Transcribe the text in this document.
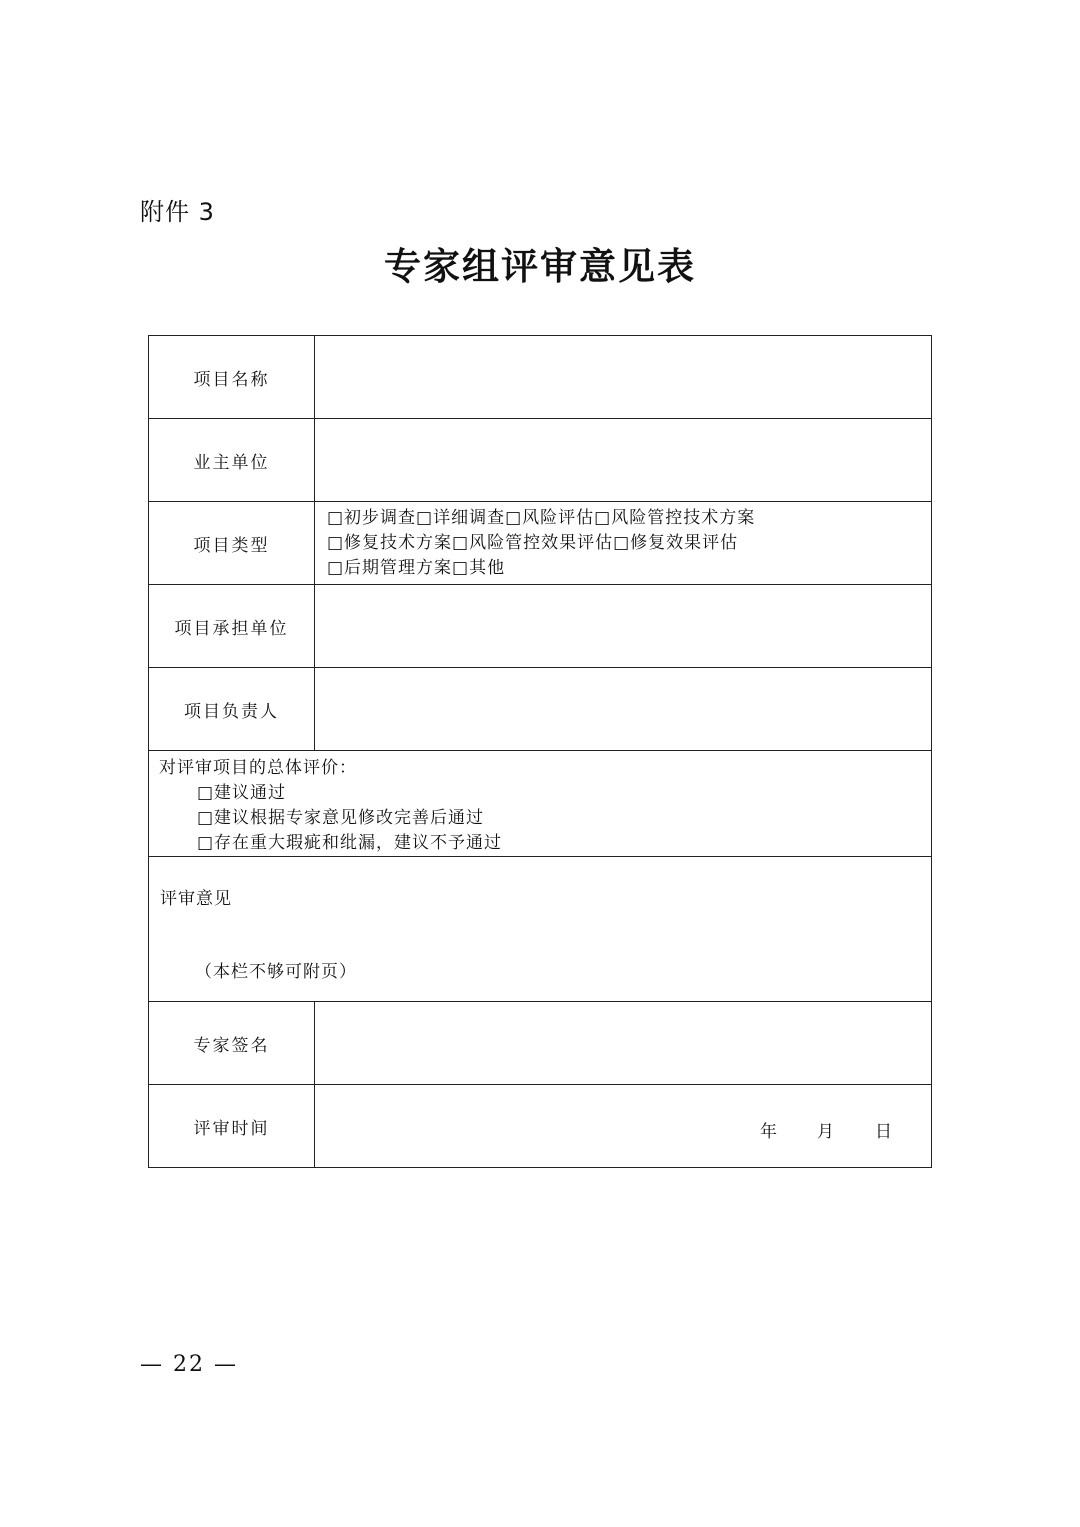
附件 3
专家组评审意见表
项目名称	
业主单位	
项目类型	□初步调查□详细调查□风险评估□风险管控技术方案
□修复技术方案□风险管控效果评估□修复效果评估
□后期管理方案□其他

项目承担单位	
项目负责人	

对评审项目的总体评价：
□建议通过
□建议根据专家意见修改完善后通过
□存在重大瑕疵和纰漏，建议不予通过	

评审意见
（本栏不够可附页）	

专家签名	
评审时间	年 月 日
— 22 —
